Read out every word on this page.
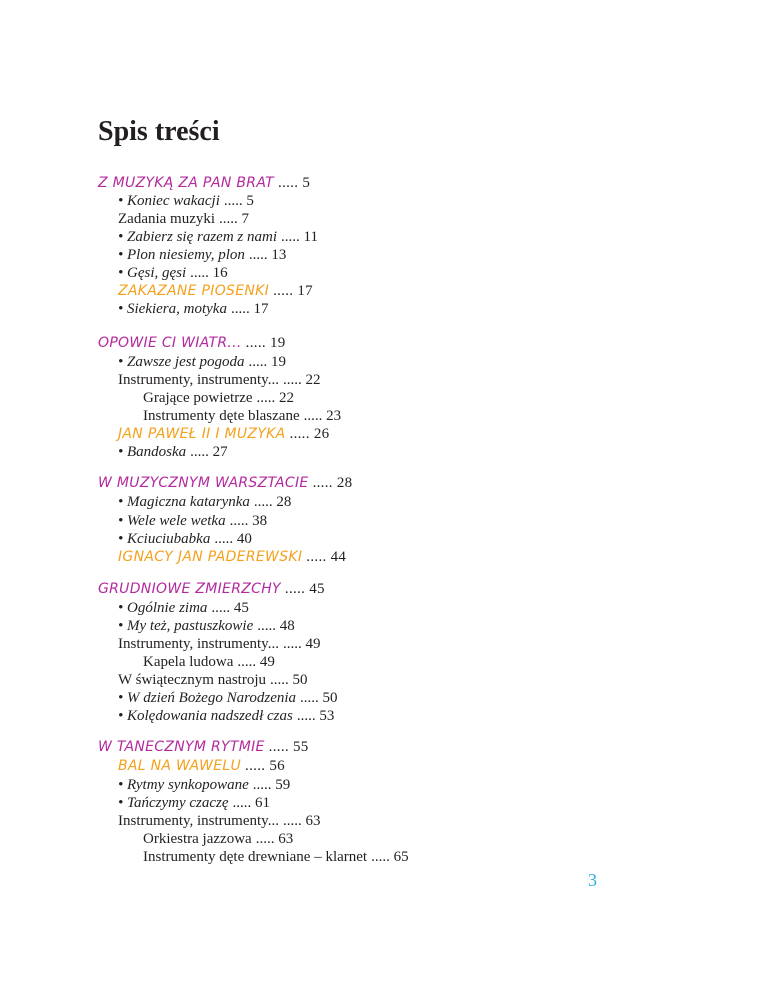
Spis treści
Z MUZYKĄ ZA PAN BRAT ..... 5
• Koniec wakacji ..... 5
Zadania muzyki ..... 7
• Zabierz się razem z nami ..... 11
• Plon niesiemy, plon ..... 13
• Gęsi, gęsi ..... 16
ZAKAZANE PIOSENKI ..... 17
• Siekiera, motyka ..... 17
OPOWIE CI WIATR... ..... 19
• Zawsze jest pogoda ..... 19
Instrumenty, instrumenty... ..... 22
Grające powietrze ..... 22
Instrumenty dęte blaszane ..... 23
JAN PAWEŁ II I MUZYKA ..... 26
• Bandoska ..... 27
W MUZYCZNYM WARSZTACIE ..... 28
• Magiczna katarynka ..... 28
• Wele wele wetka ..... 38
• Kciuciubabka ..... 40
IGNACY JAN PADEREWSKI ..... 44
GRUDNIOWE ZMIERZCHY ..... 45
• Ogólnie zima ..... 45
• My też, pastuszkowie ..... 48
Instrumenty, instrumenty... ..... 49
Kapela ludowa ..... 49
W świątecznym nastroju ..... 50
• W dzień Bożego Narodzenia ..... 50
• Kolędowania nadszedł czas ..... 53
W TANECZNYM RYTMIE ..... 55
BAL NA WAWELU ..... 56
• Rytmy synkopowane ..... 59
• Tańczymy czaczę ..... 61
Instrumenty, instrumenty... ..... 63
Orkiestra jazzowa ..... 63
Instrumenty dęte drewniane – klarnet ..... 65
3
